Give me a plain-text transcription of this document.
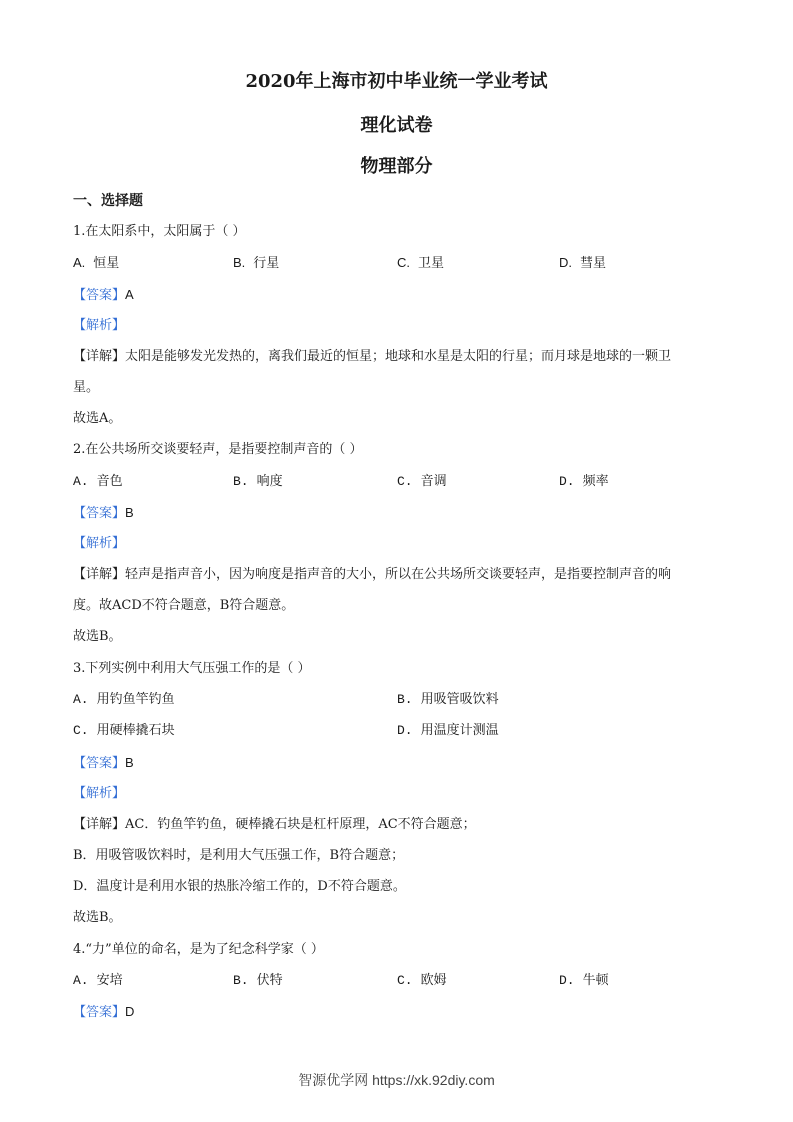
2020年上海市初中毕业统一学业考试
理化试卷
物理部分
一、选择题
1.在太阳系中，太阳属于（ ）
A. 恒星	B. 行星	C. 卫星	D. 彗星
【答案】A
【解析】
【详解】太阳是能够发光发热的，离我们最近的恒星；地球和水星是太阳的行星；而月球是地球的一颗卫
星。
故选A。
2.在公共场所交谈要轻声，是指要控制声音的（ ）
A. 音色	B. 响度	C. 音调	D. 频率
【答案】B
【解析】
【详解】轻声是指声音小，因为响度是指声音的大小，所以在公共场所交谈要轻声，是指要控制声音的响
度。故ACD不符合题意，B符合题意。
故选B。
3.下列实例中利用大气压强工作的是（ ）
A. 用钓鱼竿钓鱼	B. 用吸管吸饮料
C. 用硬棒撬石块	D. 用温度计测温
【答案】B
【解析】
【详解】AC．钓鱼竿钓鱼，硬棒撬石块是杠杆原理，AC不符合题意；
B．用吸管吸饮料时，是利用大气压强工作，B符合题意；
D．温度计是利用水银的热胀冷缩工作的，D不符合题意。
故选B。
4.“力”单位的命名，是为了纪念科学家（ ）
A. 安培	B. 伏特	C. 欧姆	D. 牛顿
【答案】D
智源优学网 https://xk.92diy.com
